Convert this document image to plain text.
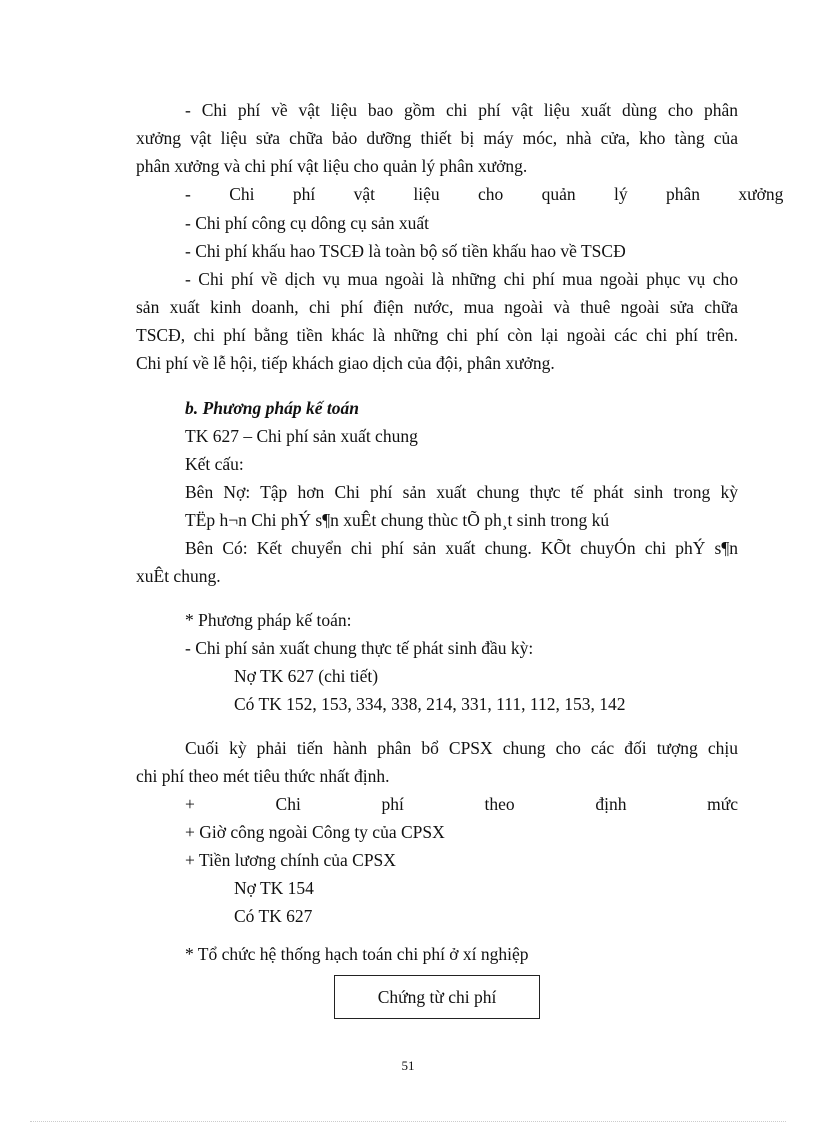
- Chi phí về vật liệu bao gồm chi phí vật liệu xuất dùng cho phân
xưởng vật liệu sửa chữa bảo dưỡng thiết bị máy móc, nhà cửa, kho tàng của
phân xưởng và chi phí vật liệu cho quản lý phân xưởng.
- Chi phí vật liệu cho quản lý phân xưởng
- Chi phí công cụ dông cụ sản xuất
- Chi phí khấu hao TSCĐ là toàn bộ số tiền khấu hao về TSCĐ
- Chi phí về dịch vụ mua ngoài là những chi phí mua ngoài phục vụ cho
sản xuất kinh doanh, chi phí điện nước, mua ngoài và thuê ngoài sửa chữa
TSCĐ, chi phí bằng tiền khác là những chi phí còn lại ngoài các chi phí trên.
Chi phí về lễ hội, tiếp khách giao dịch của đội, phân xưởng.
b. Phương pháp kế toán
TK 627 – Chi phí sản xuất chung
Kết cấu:
Bên Nợ: Tập hơn Chi phí sản xuất chung thực tế phát sinh trong kỳ
TËp h¬n Chi phÝ s¶n xuÊt chung thùc tÕ ph¸t sinh trong kú
Bên Có: Kết chuyển chi phí sản xuất chung. KÕt chuyÓn chi phÝ s¶n
xuÊt chung.
* Phương pháp kế toán:
- Chi phí sản xuất chung thực tế phát sinh đầu kỳ:
Nợ TK 627 (chi tiết)
Có TK 152, 153, 334, 338, 214, 331, 111, 112, 153, 142
Cuối kỳ phải tiến hành phân bổ CPSX chung cho các đối tượng chịu
chi phí theo mét tiêu thức nhất định.
+ Chi phí theo định mức
+ Giờ công ngoài Công ty của CPSX
+ Tiền lương chính của CPSX
Nợ TK 154
Có TK 627
* Tổ chức hệ thống hạch toán chi phí ở xí nghiệp
Chứng từ chi phí
51
